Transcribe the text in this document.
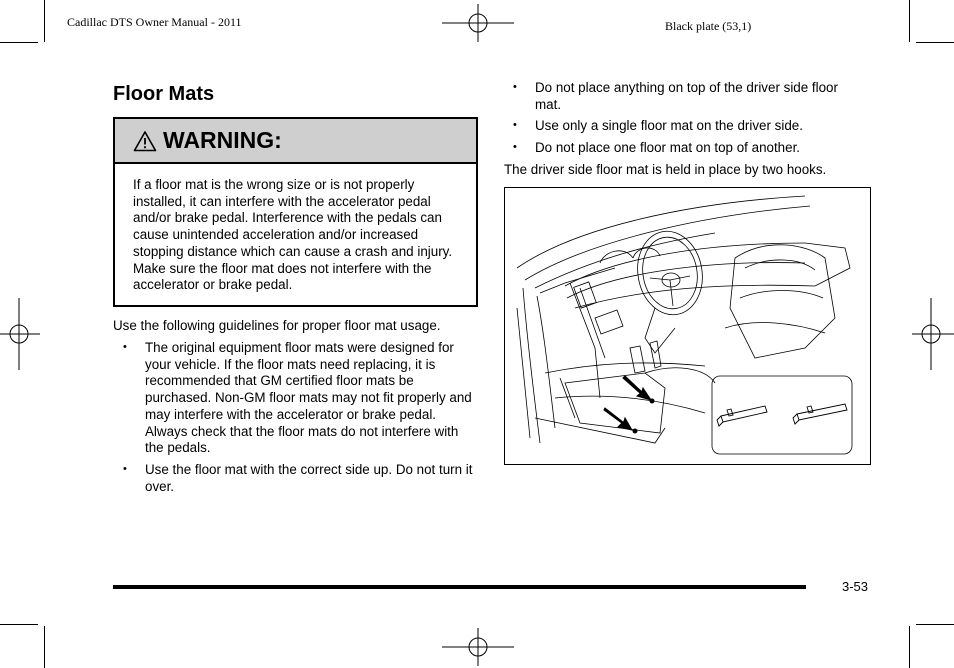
Cadillac DTS Owner Manual - 2011	Black plate (53,1)
Floor Mats
WARNING:
If a floor mat is the wrong size or is not properly installed, it can interfere with the accelerator pedal and/or brake pedal. Interference with the pedals can cause unintended acceleration and/or increased stopping distance which can cause a crash and injury. Make sure the floor mat does not interfere with the accelerator or brake pedal.
Use the following guidelines for proper floor mat usage.
• The original equipment floor mats were designed for your vehicle. If the floor mats need replacing, it is recommended that GM certified floor mats be purchased. Non-GM floor mats may not fit properly and may interfere with the accelerator or brake pedal. Always check that the floor mats do not interfere with the pedals.
• Use the floor mat with the correct side up. Do not turn it over.
• Do not place anything on top of the driver side floor mat.
• Use only a single floor mat on the driver side.
• Do not place one floor mat on top of another.
The driver side floor mat is held in place by two hooks.
3-53
